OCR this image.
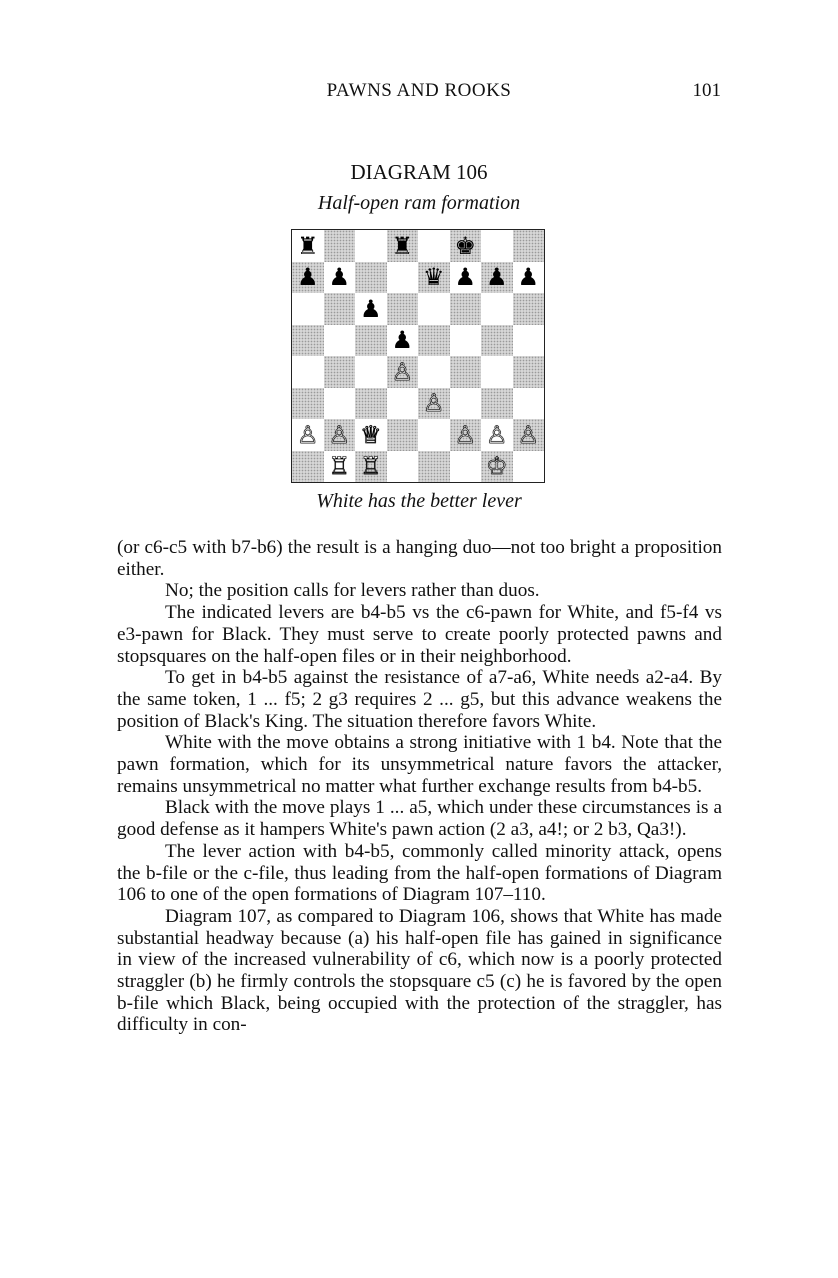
PAWNS AND ROOKS	101
DIAGRAM 106
Half-open ram formation
♜	♜ ♚
♟ ♟	♛ ♟ ♟ ♟
♟
♟
♙
♙
♙ ♙ ♕	♙ ♙ ♙
♖ ♖	♔
White has the better lever

(or c6-c5 with b7-b6) the result is a hanging duo—not too bright a proposition either.

No; the position calls for levers rather than duos.

The indicated levers are b4-b5 vs the c6-pawn for White, and f5-f4 vs e3-pawn for Black. They must serve to create poorly protected pawns and stopsquares on the half-open files or in their neighborhood.

To get in b4-b5 against the resistance of a7-a6, White needs a2-a4. By the same token, 1 ... f5; 2 g3 requires 2 ... g5, but this advance weakens the position of Black's King. The situation therefore favors White.

White with the move obtains a strong initiative with 1 b4. Note that the pawn formation, which for its unsymmetrical nature favors the attacker, remains unsymmetrical no matter what further exchange results from b4-b5.

Black with the move plays 1 ... a5, which under these circumstances is a good defense as it hampers White's pawn action (2 a3, a4!; or 2 b3, Qa3!).

The lever action with b4-b5, commonly called minority attack, opens the b-file or the c-file, thus leading from the half-open formations of Diagram 106 to one of the open formations of Diagram 107–110.

Diagram 107, as compared to Diagram 106, shows that White has made substantial headway because (a) his half-open file has gained in significance in view of the increased vulnerability of c6, which now is a poorly protected straggler (b) he firmly controls the stopsquare c5 (c) he is favored by the open b-file which Black, being occupied with the protection of the straggler, has difficulty in con-
